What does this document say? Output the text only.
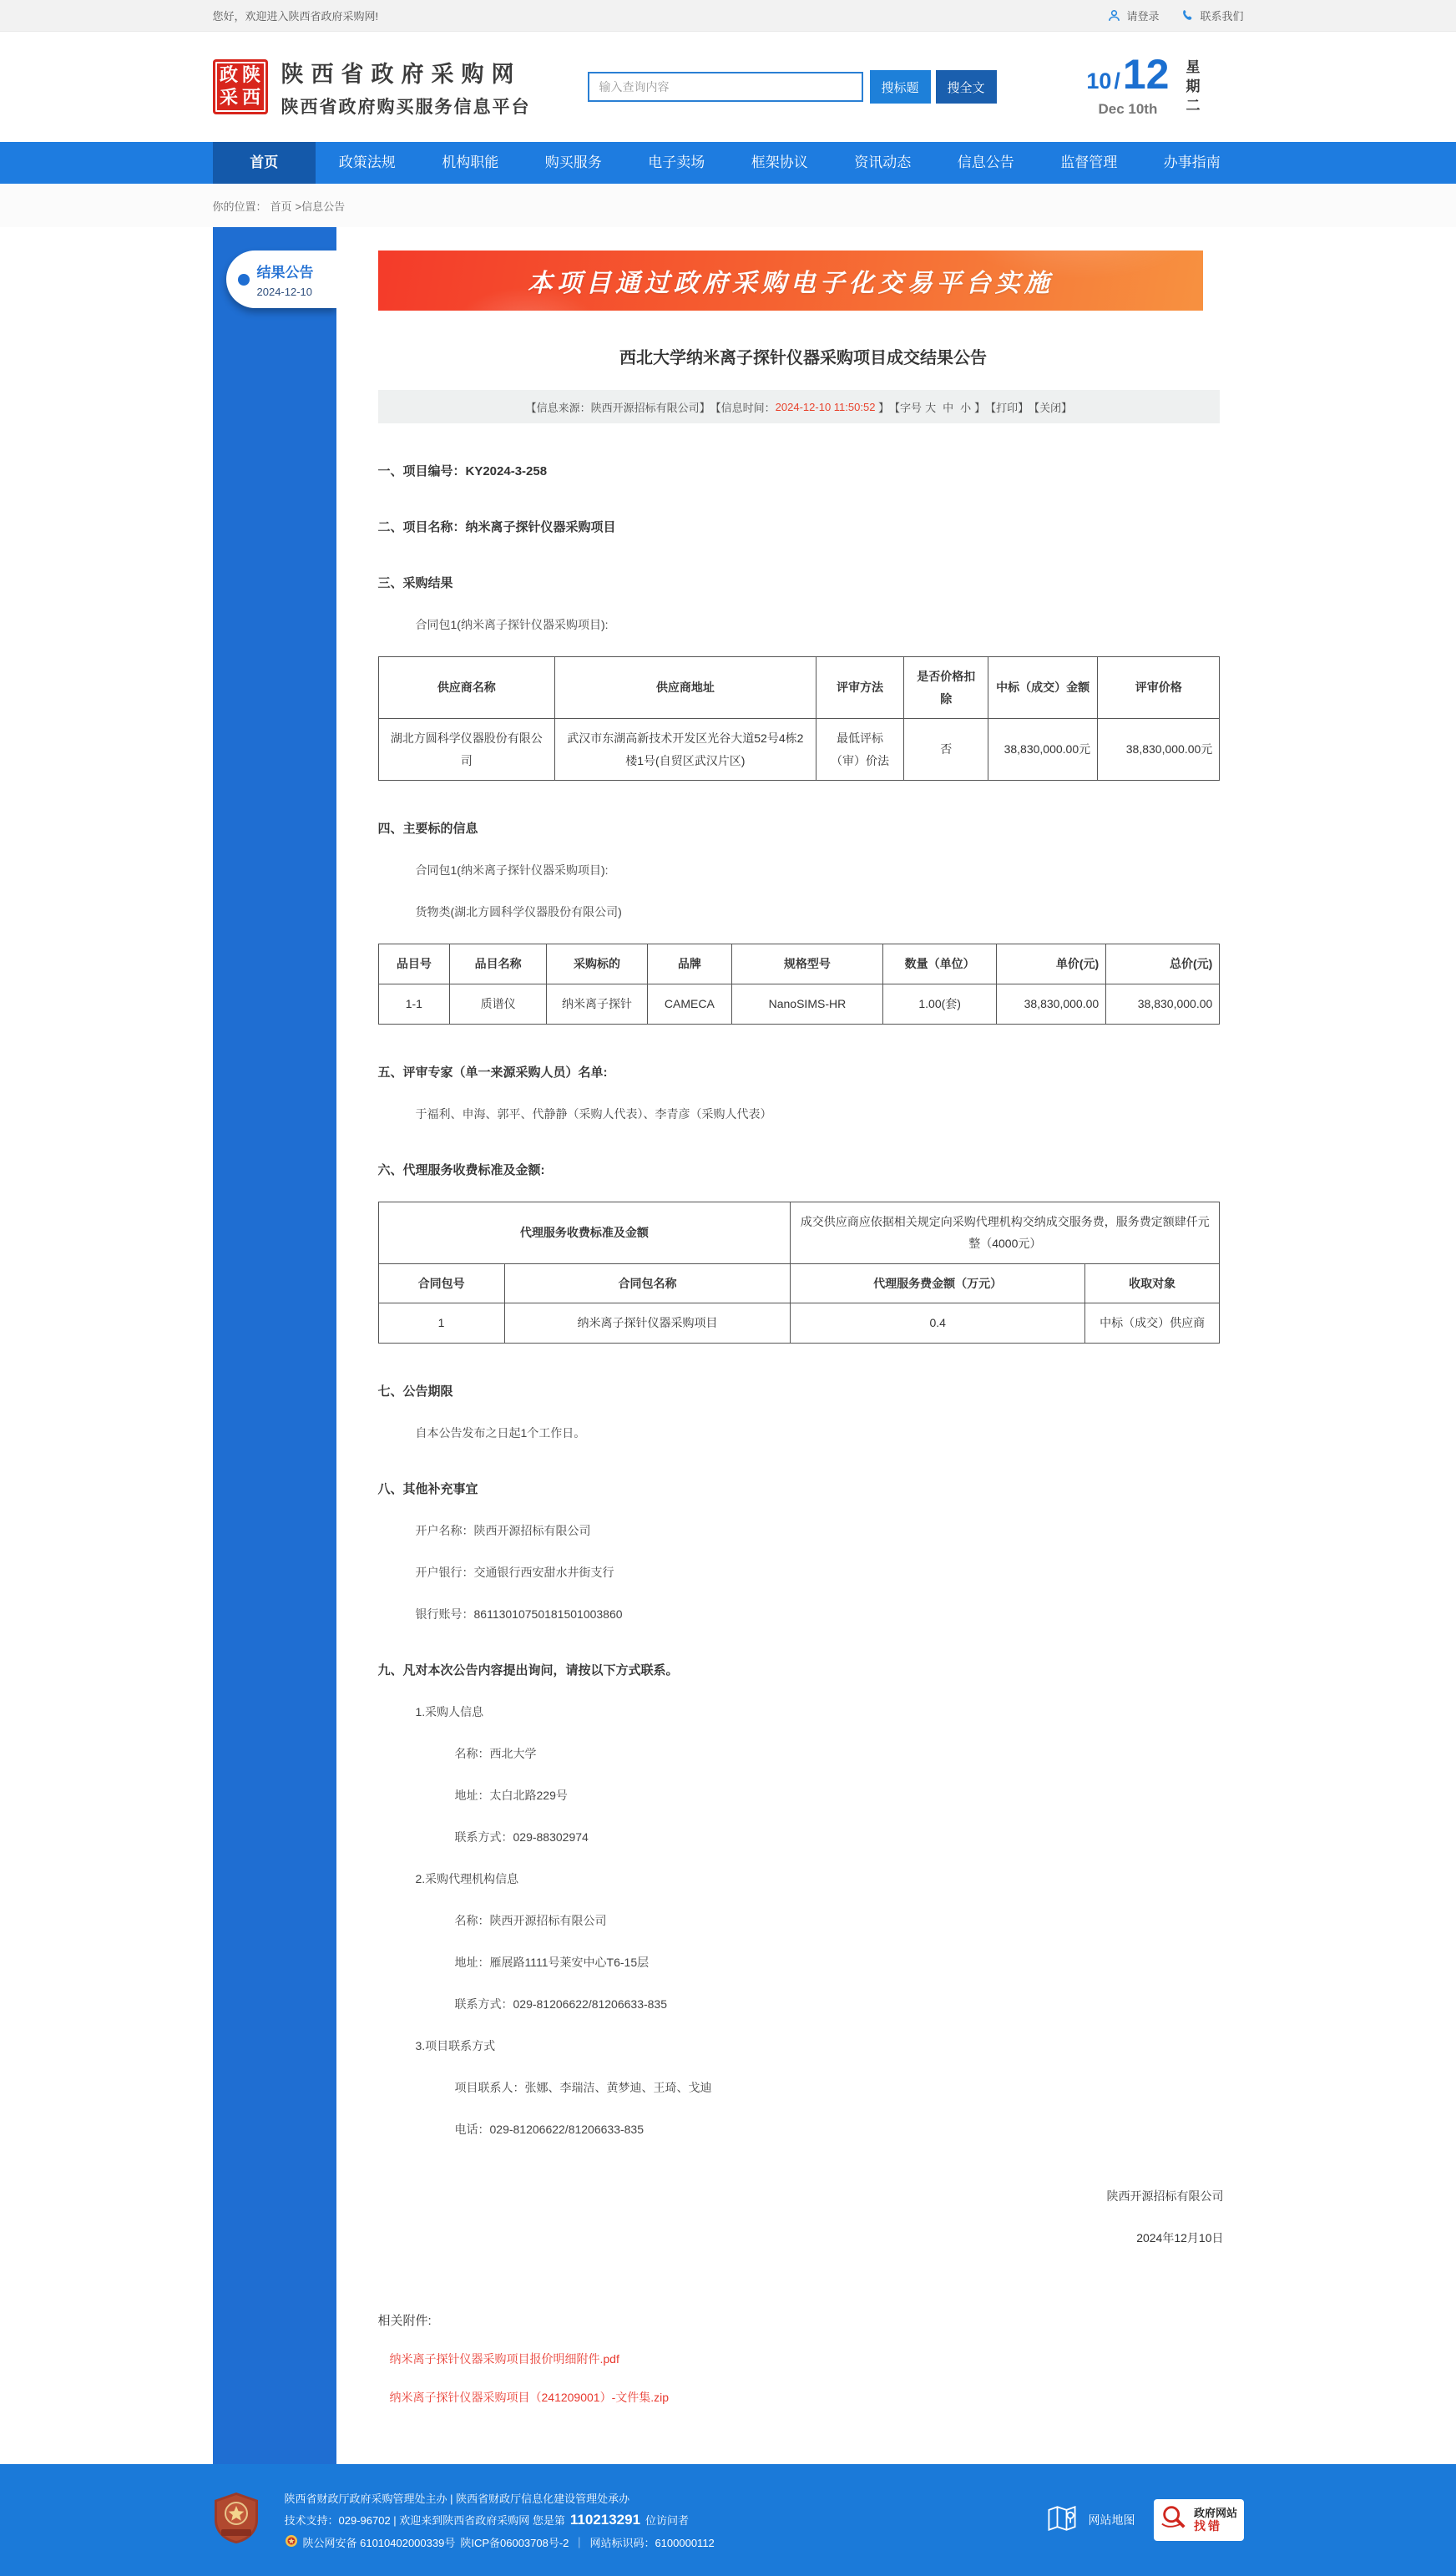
您好，欢迎进入陕西省政府采购网!	请登录	联系我们
政 陕
采 西
陕西省政府采购网
陕西省政府购买服务信息平台
输入查询内容
搜标题	搜全文	10 /12
Dec 10th	星期二
首页	政策法规	机构职能	购买服务	电子卖场	框架协议	资讯动态	信息公告	监督管理	办事指南
你的位置： 首页 >信息公告
结果公告
2024-12-10	本项目通过政府采购电子化交易平台实施
西北大学纳米离子探针仪器采购项目成交结果公告
【信息来源：陕西开源招标有限公司】 【信息时间： 2024-12-10 11:50:52 】 【字号 大 中 小 】 【打印】 【关闭】
一、项目编号：KY2024-3-258
二、项目名称：纳米离子探针仪器采购项目
三、采购结果

合同包1(纳米离子探针仪器采购项目):

供应商名称	供应商地址	评审方法	是否价格扣除	中标（成交）金额	评审价格
湖北方圆科学仪器股份有限公司	武汉市东湖高新技术开发区光谷大道52号4栋2楼1号(自贸区武汉片区)	最低评标（审）价法	否	38,830,000.00元	38,830,000.00元
四、主要标的信息

合同包1(纳米离子探针仪器采购项目):

货物类(湖北方圆科学仪器股份有限公司)

品目号	品目名称	采购标的	品牌	规格型号	数量（单位）	单价(元)	总价(元)
1-1	质谱仪	纳米离子探针	CAMECA	NanoSIMS-HR	1.00(套)	38,830,000.00	38,830,000.00
五、评审专家（单一来源采购人员）名单:

于福利、申海、郭平、代静静（采购人代表）、李青彦（采购人代表）

六、代理服务收费标准及金额:
代理服务收费标准及金额		成交供应商应依据相关规定向采购代理机构交纳成交服务费，服务费定额肆仟元整（4000元）	
合同包号	合同包名称	代理服务费金额（万元）	收取对象
1	纳米离子探针仪器采购项目	0.4	中标（成交）供应商
七、公告期限

自本公告发布之日起1个工作日。

八、其他补充事宜

开户名称：陕西开源招标有限公司

开户银行：交通银行西安甜水井街支行

银行账号：86113010750181501003860

九、凡对本次公告内容提出询问，请按以下方式联系。

1.采购人信息

名称：西北大学

地址：太白北路229号

联系方式：029-88302974

2.采购代理机构信息

名称：陕西开源招标有限公司

地址：雁展路1111号莱安中心T6-15层

联系方式：029-81206622/81206633-835

3.项目联系方式

项目联系人：张娜、李瑞洁、黄梦迪、王琦、戈迪

电话：029-81206622/81206633-835

陕西开源招标有限公司
2024年12月10日
相关附件:
纳米离子探针仪器采购项目报价明细附件.pdf
纳米离子探针仪器采购项目（241209001）-文件集.zip
陕西省财政厅政府采购管理处主办 | 陕西省财政厅信息化建设管理处承办
技术支持：029-96702 | 欢迎来到陕西省政府采购网 您是第 110213291 位访问者
陕公网安备 61010402000339号 陕ICP备06003708号-2 ｜ 网站标识码：6100000112
网站地图
政府网站
找错
